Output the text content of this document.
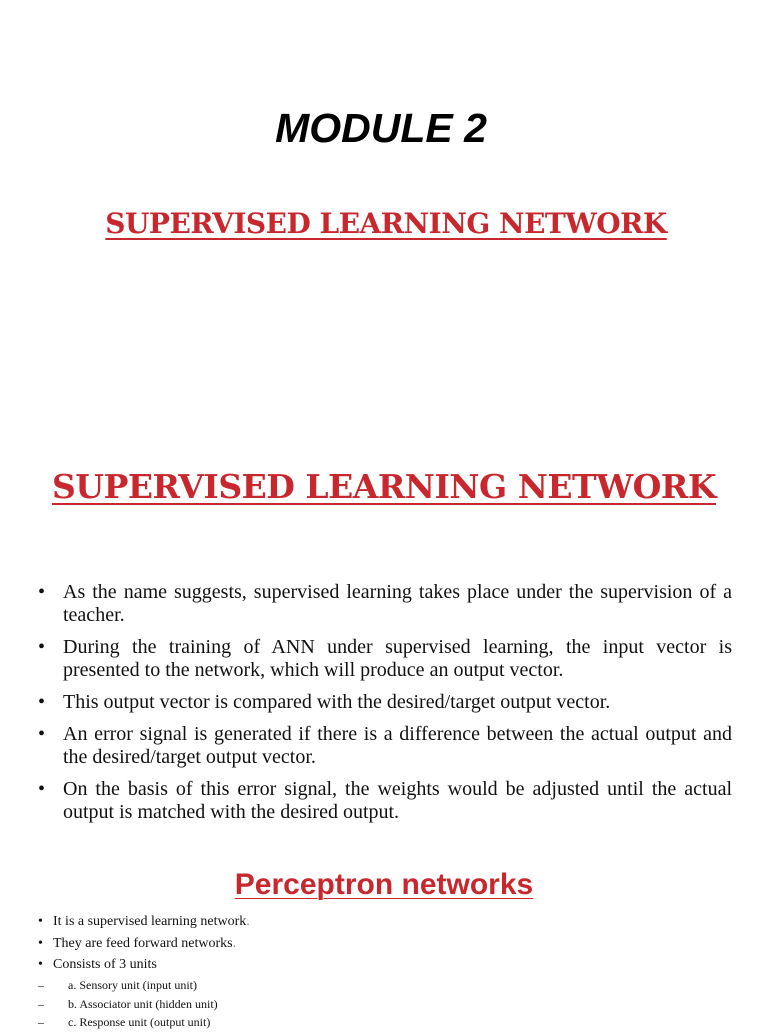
MODULE 2
SUPERVISED LEARNING NETWORK
SUPERVISED LEARNING NETWORK
• As the name suggests, supervised learning takes place under the supervision of a teacher.
• During the training of ANN under supervised learning, the input vector is presented to the network, which will produce an output vector.
• This output vector is compared with the desired/target output vector.
• An error signal is generated if there is a difference between the actual output and the desired/target output vector.
• On the basis of this error signal, the weights would be adjusted until the actual output is matched with the desired output.
Perceptron networks
• It is a supervised learning network.
• They are feed forward networks.
• Consists of 3 units
– a. Sensory unit (input unit)
– b. Associator unit (hidden unit)
– c. Response unit (output unit)
